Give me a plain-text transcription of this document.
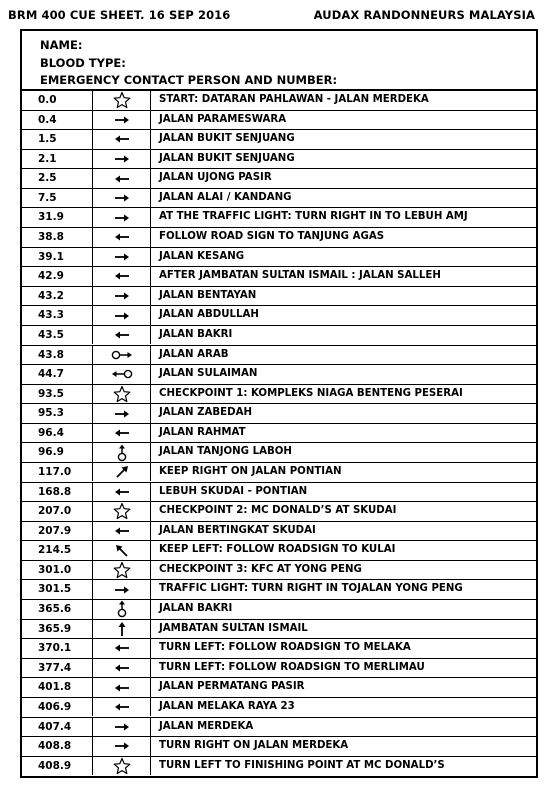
BRM 400 CUE SHEET. 16 SEP 2016	AUDAX RANDONNEURS MALAYSIA
NAME:
BLOOD TYPE:
EMERGENCY CONTACT PERSON AND NUMBER:
0.0	START: DATARAN PAHLAWAN - JALAN MERDEKA
0.4	JALAN PARAMESWARA
1.5	JALAN BUKIT SENJUANG
2.1	JALAN BUKIT SENJUANG
2.5	JALAN UJONG PASIR
7.5	JALAN ALAI / KANDANG
31.9	AT THE TRAFFIC LIGHT: TURN RIGHT IN TO LEBUH AMJ
38.8	FOLLOW ROAD SIGN TO TANJUNG AGAS
39.1	JALAN KESANG
42.9	AFTER JAMBATAN SULTAN ISMAIL : JALAN SALLEH
43.2	JALAN BENTAYAN
43.3	JALAN ABDULLAH
43.5	JALAN BAKRI
43.8	JALAN ARAB
44.7	JALAN SULAIMAN
93.5	CHECKPOINT 1: KOMPLEKS NIAGA BENTENG PESERAI
95.3	JALAN ZABEDAH
96.4	JALAN RAHMAT
96.9	JALAN TANJONG LABOH
117.0	KEEP RIGHT ON JALAN PONTIAN
168.8	LEBUH SKUDAI - PONTIAN
207.0	CHECKPOINT 2: MC DONALD’S AT SKUDAI
207.9	JALAN BERTINGKAT SKUDAI
214.5	KEEP LEFT: FOLLOW ROADSIGN TO KULAI
301.0	CHECKPOINT 3: KFC AT YONG PENG
301.5	TRAFFIC LIGHT: TURN RIGHT IN TOJALAN YONG PENG
365.6	JALAN BAKRI
365.9	JAMBATAN SULTAN ISMAIL
370.1	TURN LEFT: FOLLOW ROADSIGN TO MELAKA
377.4	TURN LEFT: FOLLOW ROADSIGN TO MERLIMAU
401.8	JALAN PERMATANG PASIR
406.9	JALAN MELAKA RAYA 23
407.4	JALAN MERDEKA
408.8	TURN RIGHT ON JALAN MERDEKA
408.9	TURN LEFT TO FINISHING POINT AT MC DONALD’S
